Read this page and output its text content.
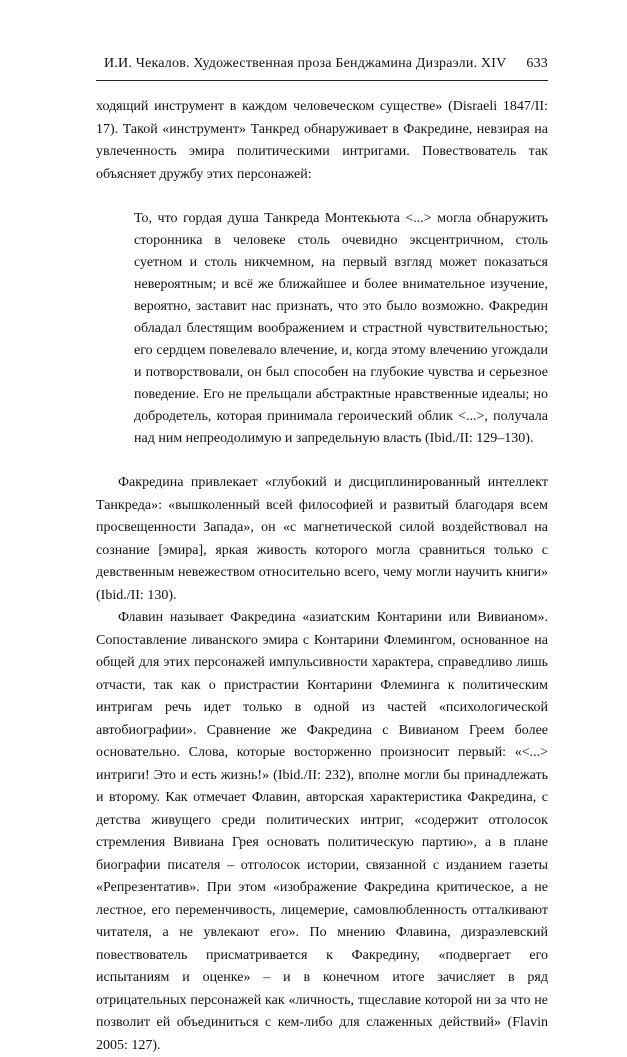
И.И. Чекалов. Художественная проза Бенджамина Дизраэли. XIV 633

ходящий инструмент в каждом человеческом существе» (Disraeli 1847/II: 17). Такой «инструмент» Танкред обнаруживает в Факредине, невзирая на увлеченность эмира политическими интригами. Повествователь так объясняет дружбу этих персонажей:

То, что гордая душа Танкреда Монтекьюта <...> могла обнаружить сторонника в человеке столь очевидно эксцентричном, столь суетном и столь никчемном, на первый взгляд может показаться невероятным; и всё же ближайшее и более внимательное изучение, вероятно, заставит нас признать, что это было возможно. Факредин обладал блестящим воображением и страстной чувствительностью; его сердцем повелевало влечение, и, когда этому влечению угождали и потворствовали, он был способен на глубокие чувства и серьезное поведение. Его не прельщали абстрактные нравственные идеалы; но добродетель, которая принимала героический облик <...>, получала над ним непреодолимую и запредельную власть (Ibid./II: 129–130).

Факредина привлекает «глубокий и дисциплинированный интеллект Танкреда»: «вышколенный всей философией и развитый благодаря всем просвещенности Запада», он «с магнетической силой воздействовал на сознание [эмира], яркая живость которого могла сравниться только с девственным невежеством относительно всего, чему могли научить книги» (Ibid./II: 130).

Флавин называет Факредина «азиатским Контарини или Вивианом». Сопоставление ливанского эмира с Контарини Флемингом, основанное на общей для этих персонажей импульсивности характера, справедливо лишь отчасти, так как о пристрастии Контарини Флеминга к политическим интригам речь идет только в одной из частей «психологической автобиографии». Сравнение же Факредина с Вивианом Греем более основательно. Слова, которые восторженно произносит первый: «<...> интриги! Это и есть жизнь!» (Ibid./II: 232), вполне могли бы принадлежать и второму. Как отмечает Флавин, авторская характеристика Факредина, с детства живущего среди политических интриг, «содержит отголосок стремления Вивиана Грея основать политическую партию», а в плане биографии писателя – отголосок истории, связанной с изданием газеты «Репрезентатив». При этом «изображение Факредина критическое, а не лестное, его переменчивость, лицемерие, самовлюбленность отталкивают читателя, а не увлекают его». По мнению Флавина, дизраэлевский повествователь присматривается к Факредину, «подвергает его испытаниям и оценке» – и в конечном итоге зачисляет в ряд отрицательных персонажей как «личность, тщеславие которой ни за что не позволит ей объединиться с кем-либо для слаженных действий» (Flavin 2005: 127).
